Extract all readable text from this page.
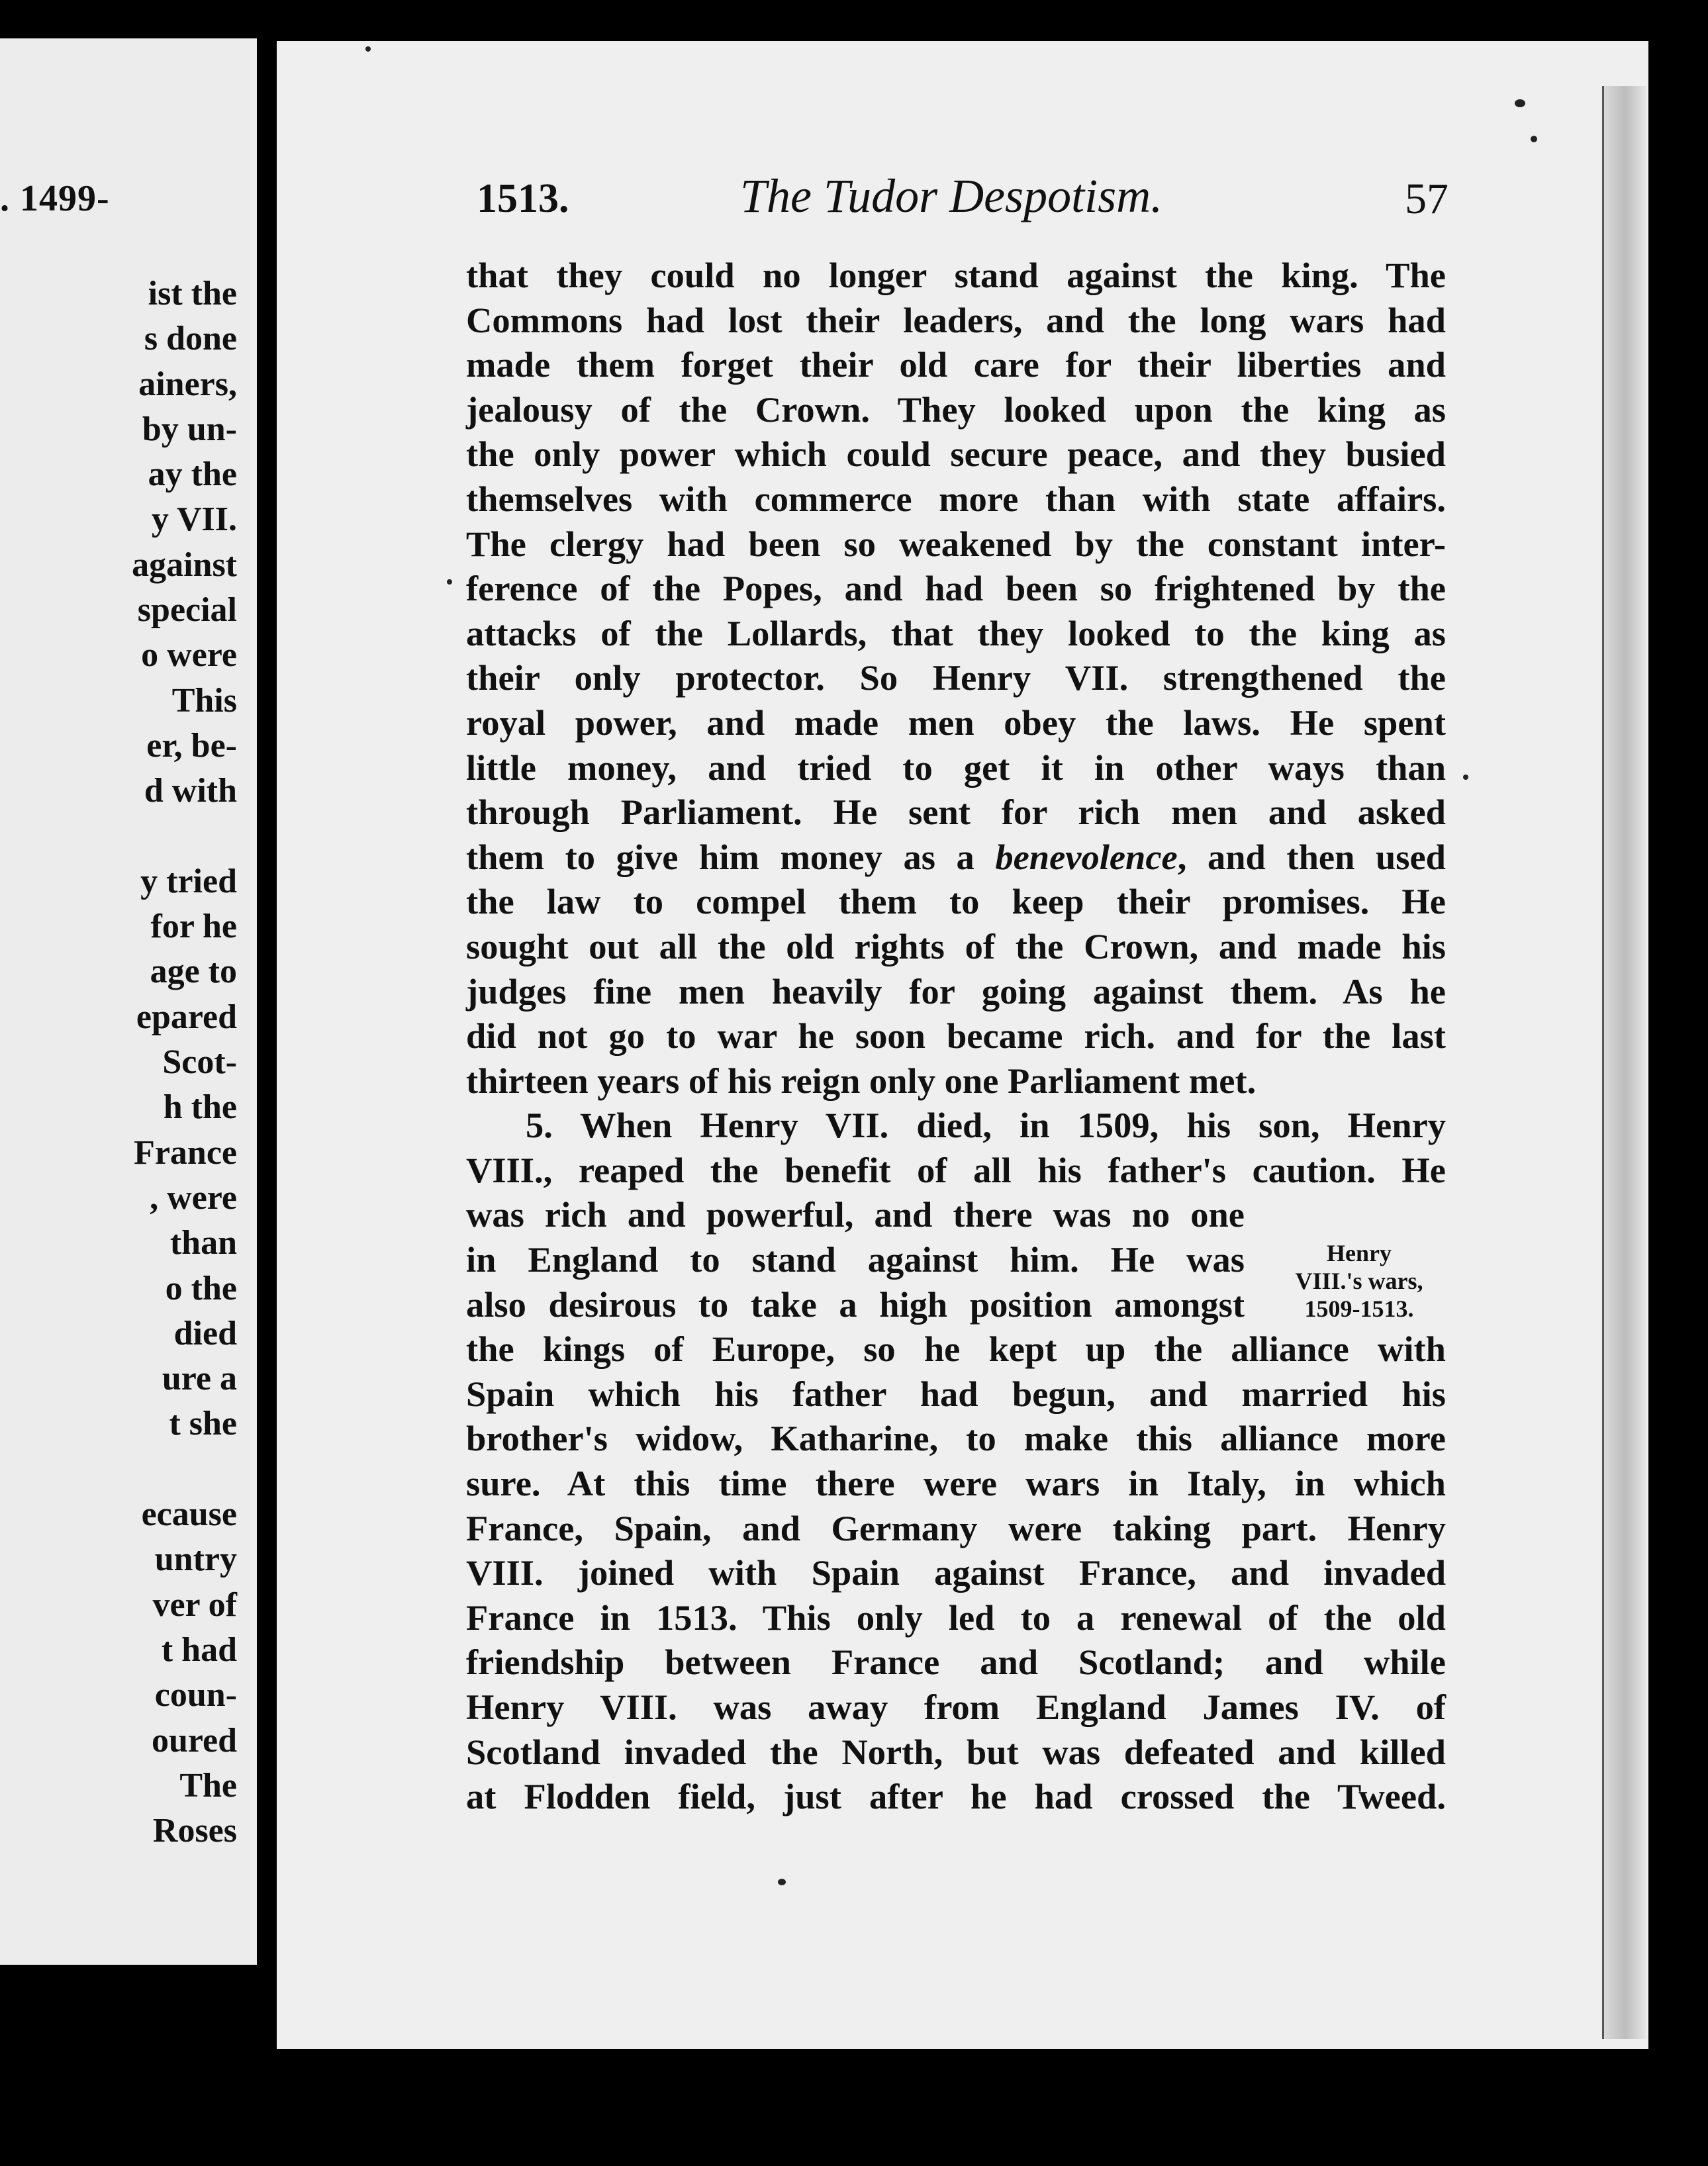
. 1499-
ist the
s done
ainers,
by un-
ay the
y VII.
against
special
o were
This
er, be-
d with
y tried
for he
age to
epared
Scot-
h the
France
, were
than
o the
died
ure a
t she
ecause
untry
ver of
t had
coun-
oured
The
Roses
1513.	The Tudor Despotism.	57
that they could no longer stand against the king. The
Commons had lost their leaders, and the long wars had
made them forget their old care for their liberties and
jealousy of the Crown. They looked upon the king as
the only power which could secure peace, and they busied
themselves with commerce more than with state affairs.
The clergy had been so weakened by the constant inter-
ference of the Popes, and had been so frightened by the
attacks of the Lollards, that they looked to the king as
their only protector. So Henry VII. strengthened the
royal power, and made men obey the laws. He spent
little money, and tried to get it in other ways than
through Parliament. He sent for rich men and asked
them to give him money as a benevolence, and then used
the law to compel them to keep their promises. He
sought out all the old rights of the Crown, and made his
judges fine men heavily for going against them. As he
did not go to war he soon became rich. and for the last
thirteen years of his reign only one Parliament met.
5. When Henry VII. died, in 1509, his son, Henry
VIII., reaped the benefit of all his father's caution. He
was rich and powerful, and there was no one
in England to stand against him. He was
also desirous to take a high position amongst
the kings of Europe, so he kept up the alliance with
Spain which his father had begun, and married his
brother's widow, Katharine, to make this alliance more
sure. At this time there were wars in Italy, in which
France, Spain, and Germany were taking part. Henry
VIII. joined with Spain against France, and invaded
France in 1513. This only led to a renewal of the old
friendship between France and Scotland; and while
Henry VIII. was away from England James IV. of
Scotland invaded the North, but was defeated and killed
at Flodden field, just after he had crossed the Tweed.
Henry
VIII.'s wars,
1509-1513.
